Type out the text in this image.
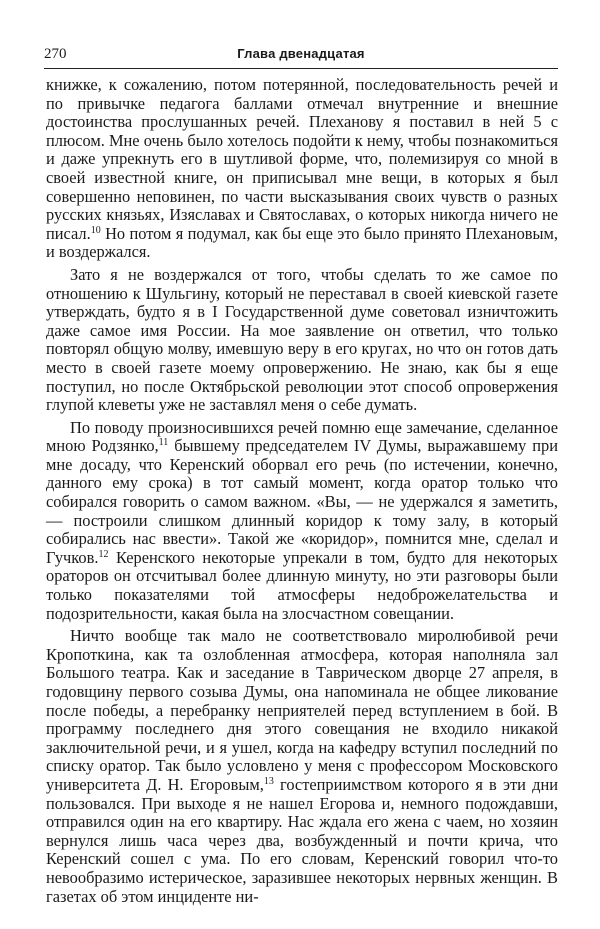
270	Глава двенадцатая

книжке, к сожалению, потом потерянной, последовательность речей и по привычке педагога баллами отмечал внутренние и внешние достоинства прослушанных речей. Плеханову я поставил в ней 5 с плюсом. Мне очень было хотелось подойти к нему, чтобы познакомиться и даже упрекнуть его в шутливой форме, что, полемизируя со мной в своей известной книге, он приписывал мне вещи, в которых я был совершенно неповинен, по части высказывания своих чувств о разных русских князьях, Изяславах и Святославах, о которых никогда ничего не писал.$^{10}$ Но потом я подумал, как бы еще это было принято Плехановым, и воздержался.

Зато я не воздержался от того, чтобы сделать то же самое по отношению к Шульгину, который не переставал в своей киевской газете утверждать, будто я в I Государственной думе советовал изничтожить даже самое имя России. На мое заявление он ответил, что только повторял общую молву, имевшую веру в его кругах, но что он готов дать место в своей газете моему опровержению. Не знаю, как бы я еще поступил, но после Октябрьской революции этот способ опровержения глупой клеветы уже не заставлял меня о себе думать.

По поводу произносившихся речей помню еще замечание, сделанное мною Родзянко,$^{11}$ бывшему председателем IV Думы, выражавшему при мне досаду, что Керенский оборвал его речь (по истечении, конечно, данного ему срока) в тот самый момент, когда оратор только что собирался говорить о самом важном. «Вы, — не удержался я заметить, — построили слишком длинный коридор к тому залу, в который собирались нас ввести». Такой же «коридор», помнится мне, сделал и Гучков.$^{12}$ Керенского некоторые упрекали в том, будто для некоторых ораторов он отсчитывал более длинную минуту, но эти разговоры были только показателями той атмосферы недоброжелательства и подозрительности, какая была на злосчастном совещании.

Ничто вообще так мало не соответствовало миролюбивой речи Кропоткина, как та озлобленная атмосфера, которая наполняла зал Большого театра. Как и заседание в Таврическом дворце 27 апреля, в годовщину первого созыва Думы, она напоминала не общее ликование после победы, а перебранку неприятелей перед вступлением в бой. В программу последнего дня этого совещания не входило никакой заключительной речи, и я ушел, когда на кафедру вступил последний по списку оратор. Так было условлено у меня с профессором Московского университета Д. Н. Егоровым,$^{13}$ гостеприимством которого я в эти дни пользовался. При выходе я не нашел Егорова и, немного подождавши, отправился один на его квартиру. Нас ждала его жена с чаем, но хозяин вернулся лишь часа через два, возбужденный и почти крича, что Керенский сошел с ума. По его словам, Керенский говорил что-то невообразимо истерическое, заразившее некоторых нервных женщин. В газетах об этом инциденте ни-
